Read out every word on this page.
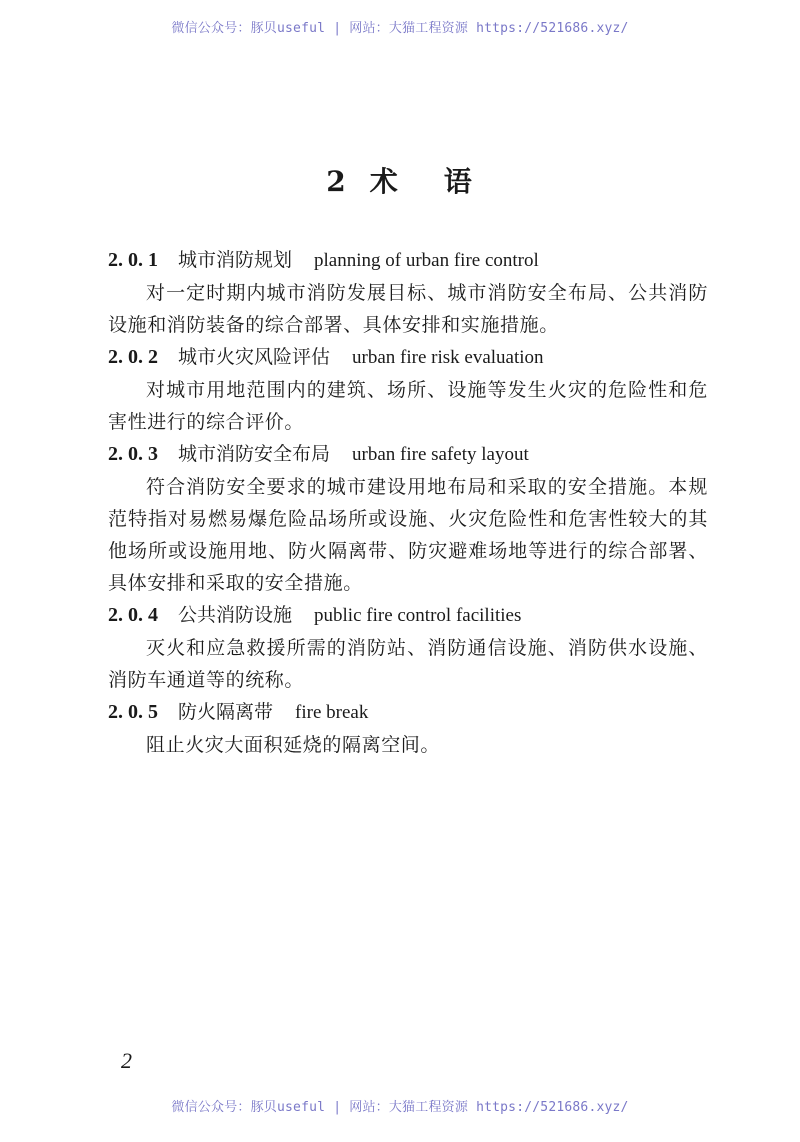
微信公众号：豚贝useful | 网站：大猫工程资源 https://521686.xyz/
2 术 语
2. 0. 1 城市消防规划 planning of urban fire control

对一定时期内城市消防发展目标、城市消防安全布局、公共消防设施和消防装备的综合部署、具体安排和实施措施。

2. 0. 2 城市火灾风险评估 urban fire risk evaluation

对城市用地范围内的建筑、场所、设施等发生火灾的危险性和危害性进行的综合评价。

2. 0. 3 城市消防安全布局 urban fire safety layout

符合消防安全要求的城市建设用地布局和采取的安全措施。本规范特指对易燃易爆危险品场所或设施、火灾危险性和危害性较大的其他场所或设施用地、防火隔离带、防灾避难场地等进行的综合部署、具体安排和采取的安全措施。

2. 0. 4 公共消防设施 public fire control facilities

灭火和应急救援所需的消防站、消防通信设施、消防供水设施、消防车通道等的统称。

2. 0. 5 防火隔离带 fire break

阻止火灾大面积延烧的隔离空间。

2
微信公众号：豚贝useful | 网站：大猫工程资源 https://521686.xyz/
